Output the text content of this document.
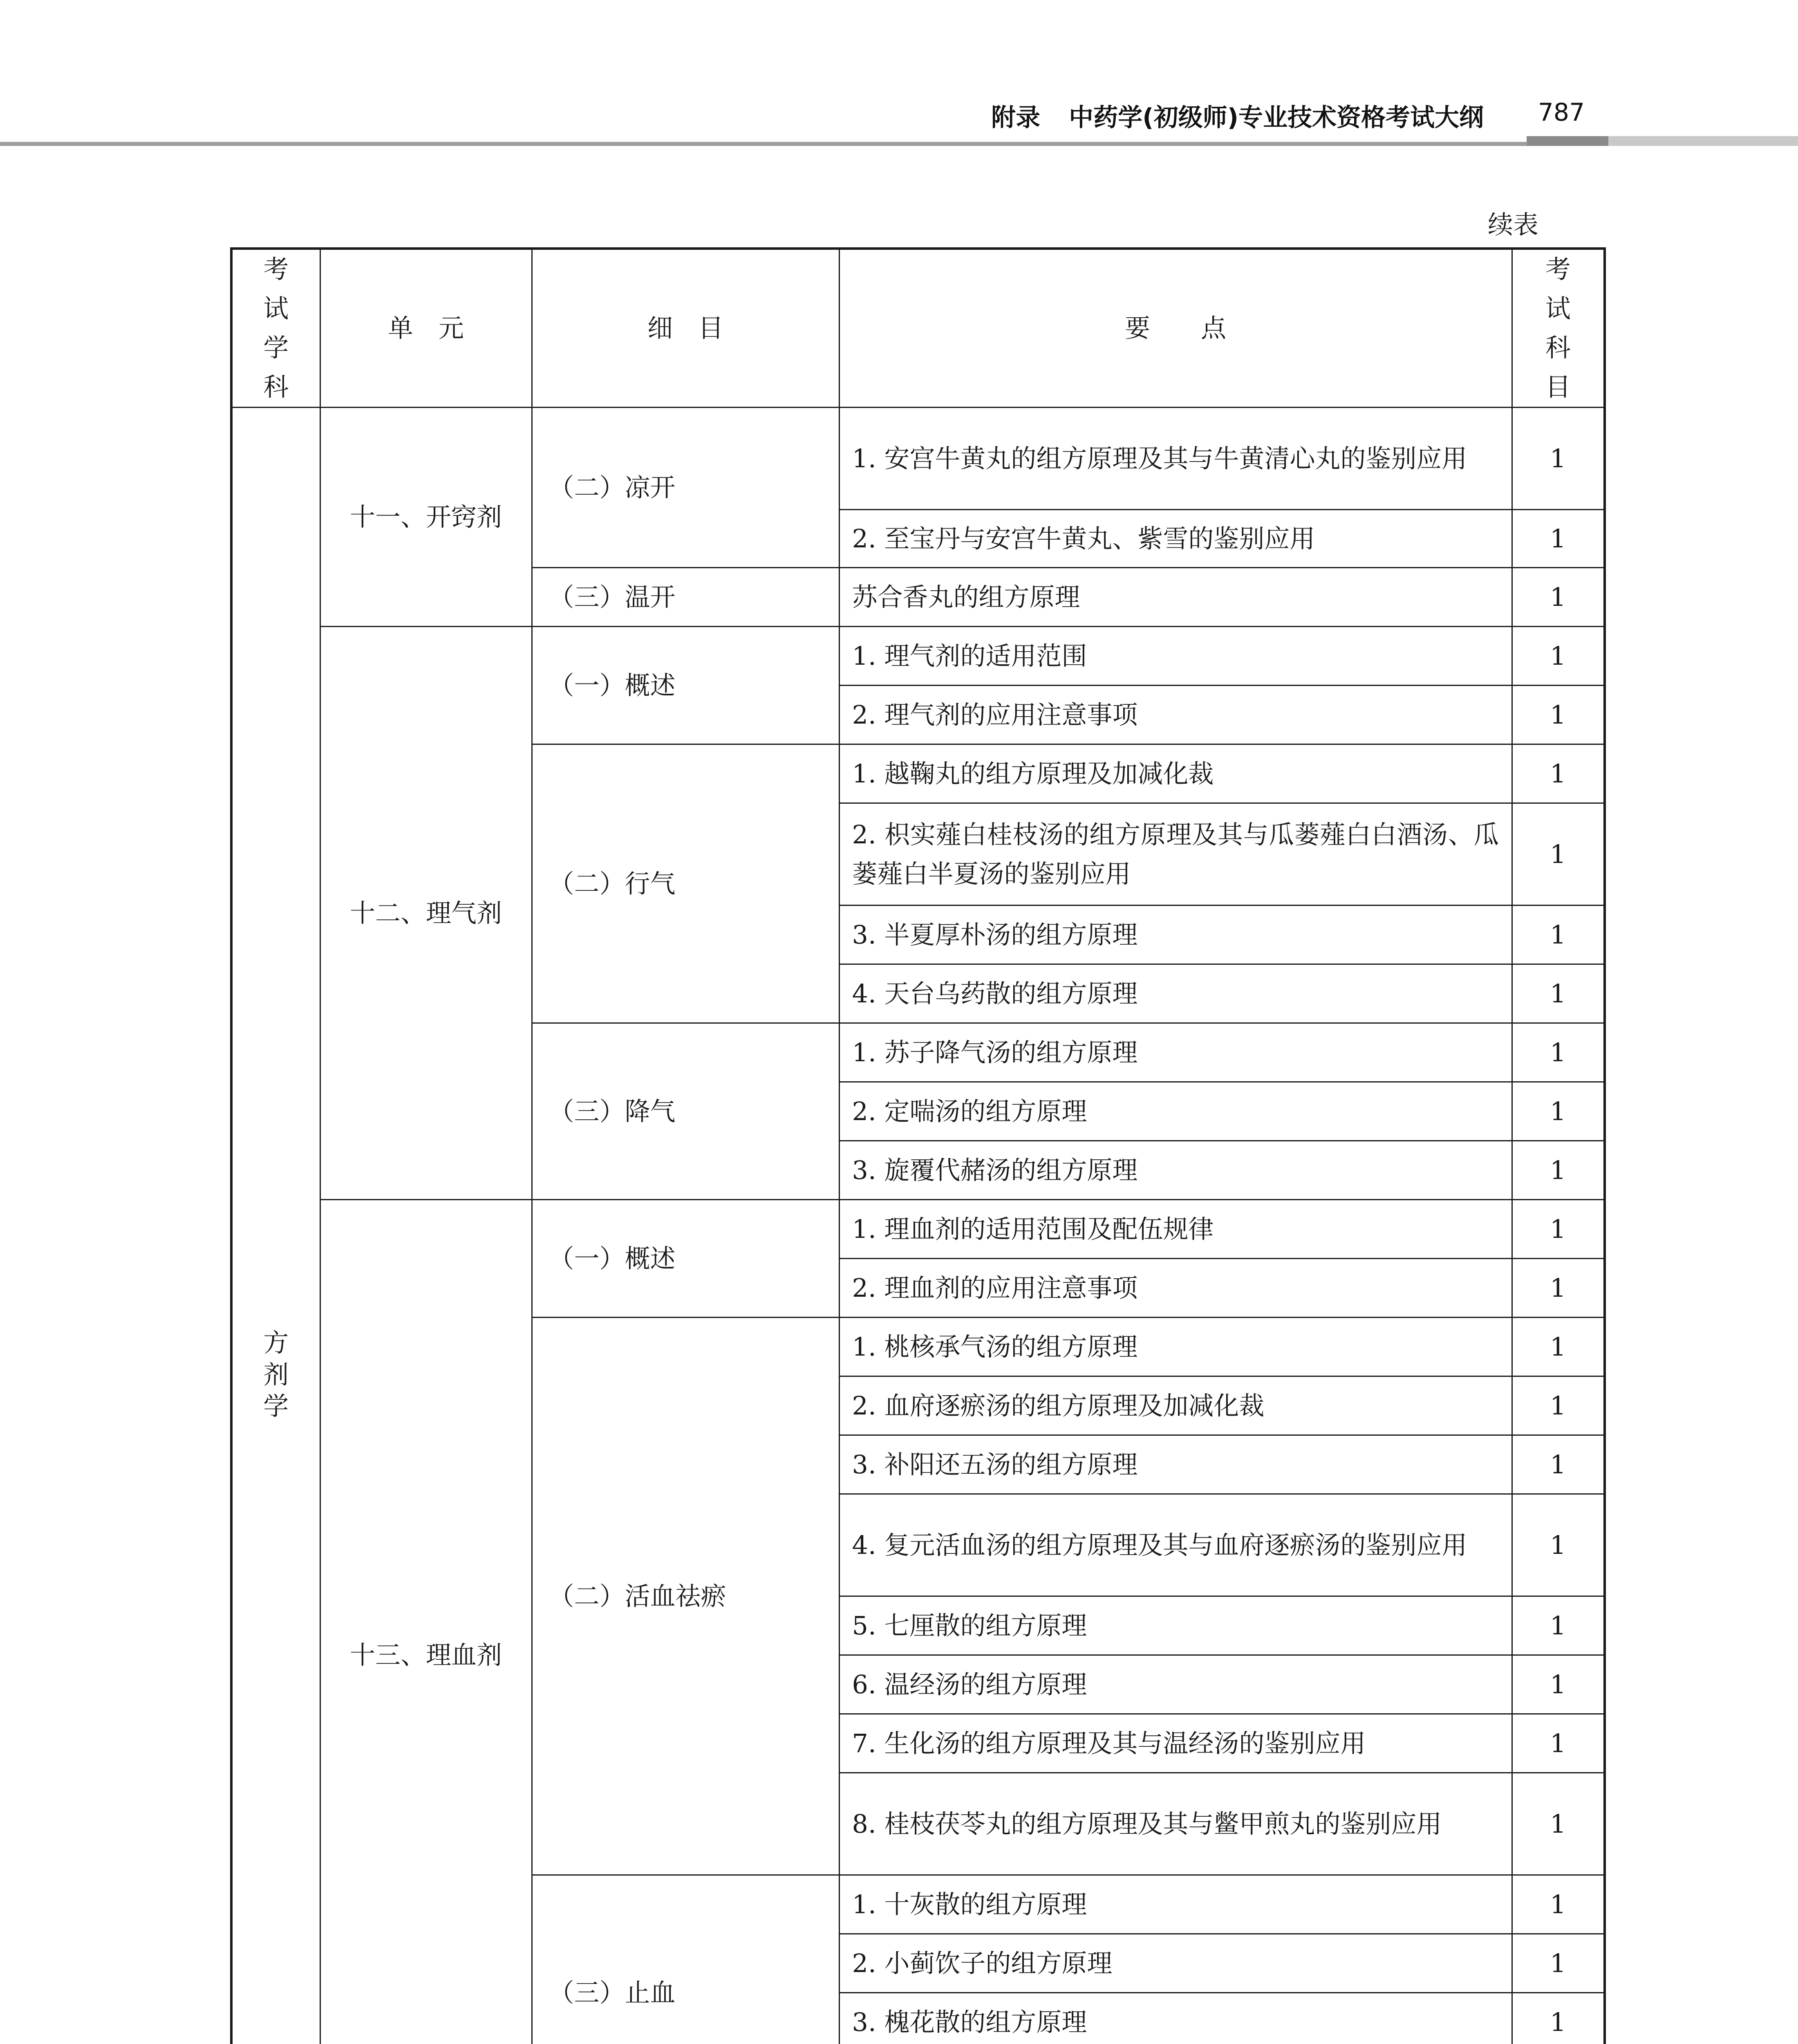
附录 中药学(初级师)专业技术资格考试大纲	787
续表
考试学科	单　元	细　目	要　　点	考试科目
方剂学	十一、开窍剂	（二）凉开	1. 安宫牛黄丸的组方原理及其与牛黄清心丸的鉴别应用	1
			2. 至宝丹与安宫牛黄丸、紫雪的鉴别应用	1
		（三）温开	苏合香丸的组方原理	1
	十二、理气剂	（一）概述	1. 理气剂的适用范围	1
			2. 理气剂的应用注意事项	1
		（二）行气	1. 越鞠丸的组方原理及加减化裁	1
			2. 枳实薤白桂枝汤的组方原理及其与瓜蒌薤白白酒汤、瓜蒌薤白半夏汤的鉴别应用	1
			3. 半夏厚朴汤的组方原理	1
			4. 天台乌药散的组方原理	1
		（三）降气	1. 苏子降气汤的组方原理	1
			2. 定喘汤的组方原理	1
			3. 旋覆代赭汤的组方原理	1
	十三、理血剂	（一）概述	1. 理血剂的适用范围及配伍规律	1
			2. 理血剂的应用注意事项	1
		（二）活血祛瘀	1. 桃核承气汤的组方原理	1
			2. 血府逐瘀汤的组方原理及加减化裁	1
			3. 补阳还五汤的组方原理	1
			4. 复元活血汤的组方原理及其与血府逐瘀汤的鉴别应用	1
			5. 七厘散的组方原理	1
			6. 温经汤的组方原理	1
			7. 生化汤的组方原理及其与温经汤的鉴别应用	1
			8. 桂枝茯苓丸的组方原理及其与鳖甲煎丸的鉴别应用	1
		（三）止血	1. 十灰散的组方原理	1
			2. 小蓟饮子的组方原理	1
			3. 槐花散的组方原理	1
